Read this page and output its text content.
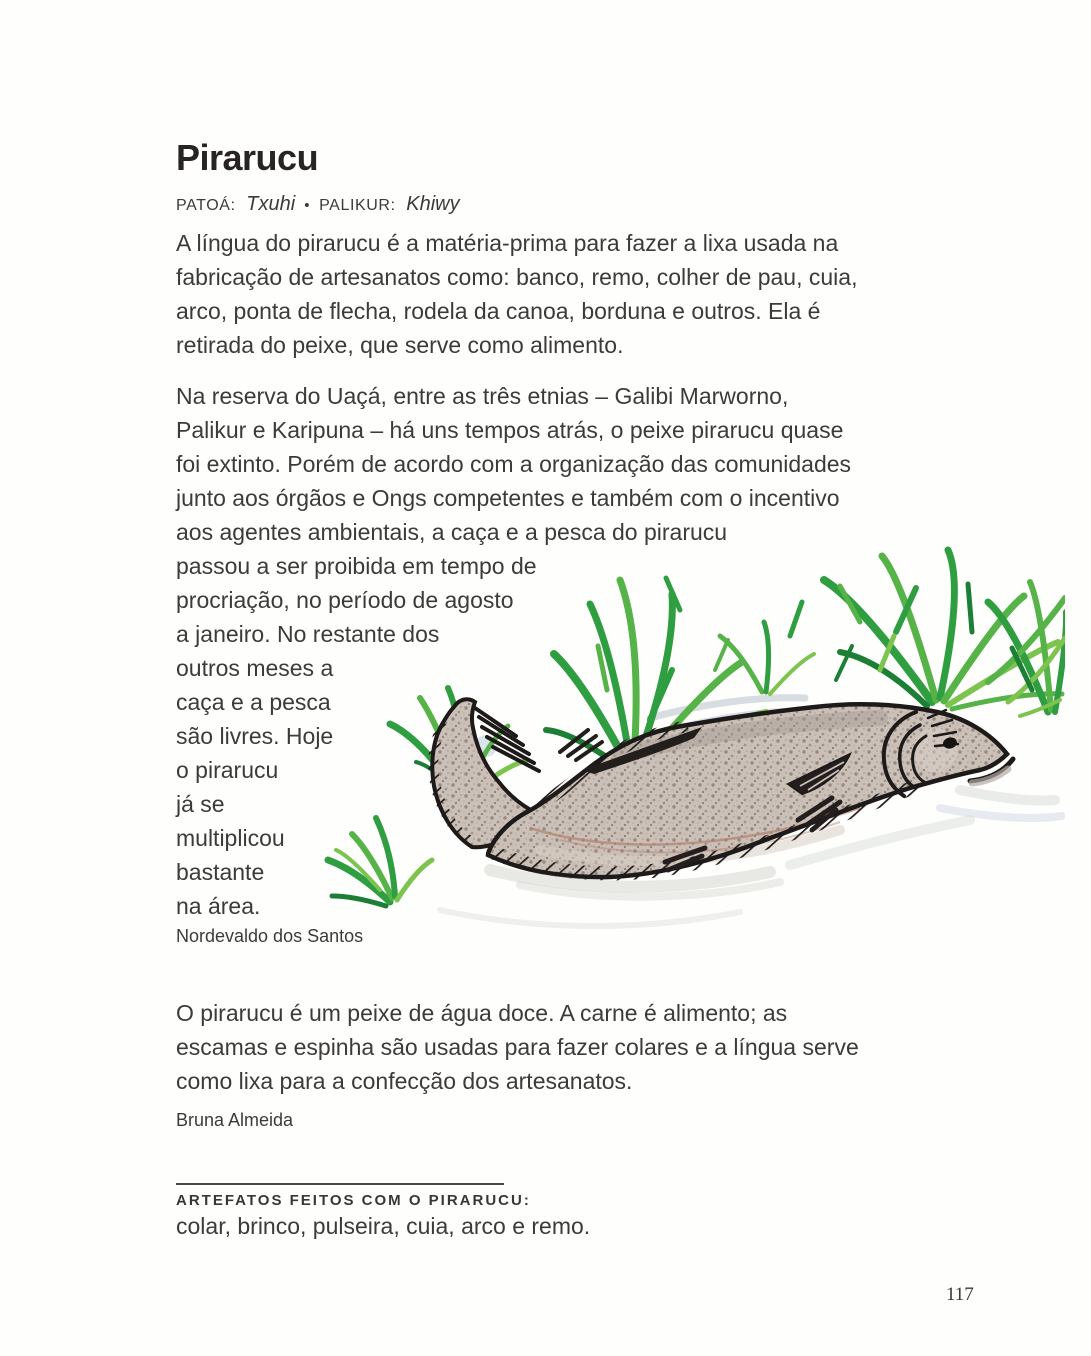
Pirarucu
PATOÁ: Txuhi • PALIKUR: Khiwy
A língua do pirarucu é a matéria-prima para fazer a lixa usada na
fabricação de artesanatos como: banco, remo, colher de pau, cuia,
arco, ponta de flecha, rodela da canoa, borduna e outros. Ela é
retirada do peixe, que serve como alimento.
Na reserva do Uaçá, entre as três etnias – Galibi Marworno,
Palikur e Karipuna – há uns tempos atrás, o peixe pirarucu quase
foi extinto. Porém de acordo com a organização das comunidades
junto aos órgãos e Ongs competentes e também com o incentivo
aos agentes ambientais, a caça e a pesca do pirarucu
passou a ser proibida em tempo de
procriação, no período de agosto
a janeiro. No restante dos
outros meses a
caça e a pesca
são livres. Hoje
o pirarucu
já se
multiplicou
bastante
na área.
Nordevaldo dos Santos
O pirarucu é um peixe de água doce. A carne é alimento; as
escamas e espinha são usadas para fazer colares e a língua serve
como lixa para a confecção dos artesanatos.
Bruna Almeida
ARTEFATOS FEITOS COM O PIRARUCU:
colar, brinco, pulseira, cuia, arco e remo.
117
